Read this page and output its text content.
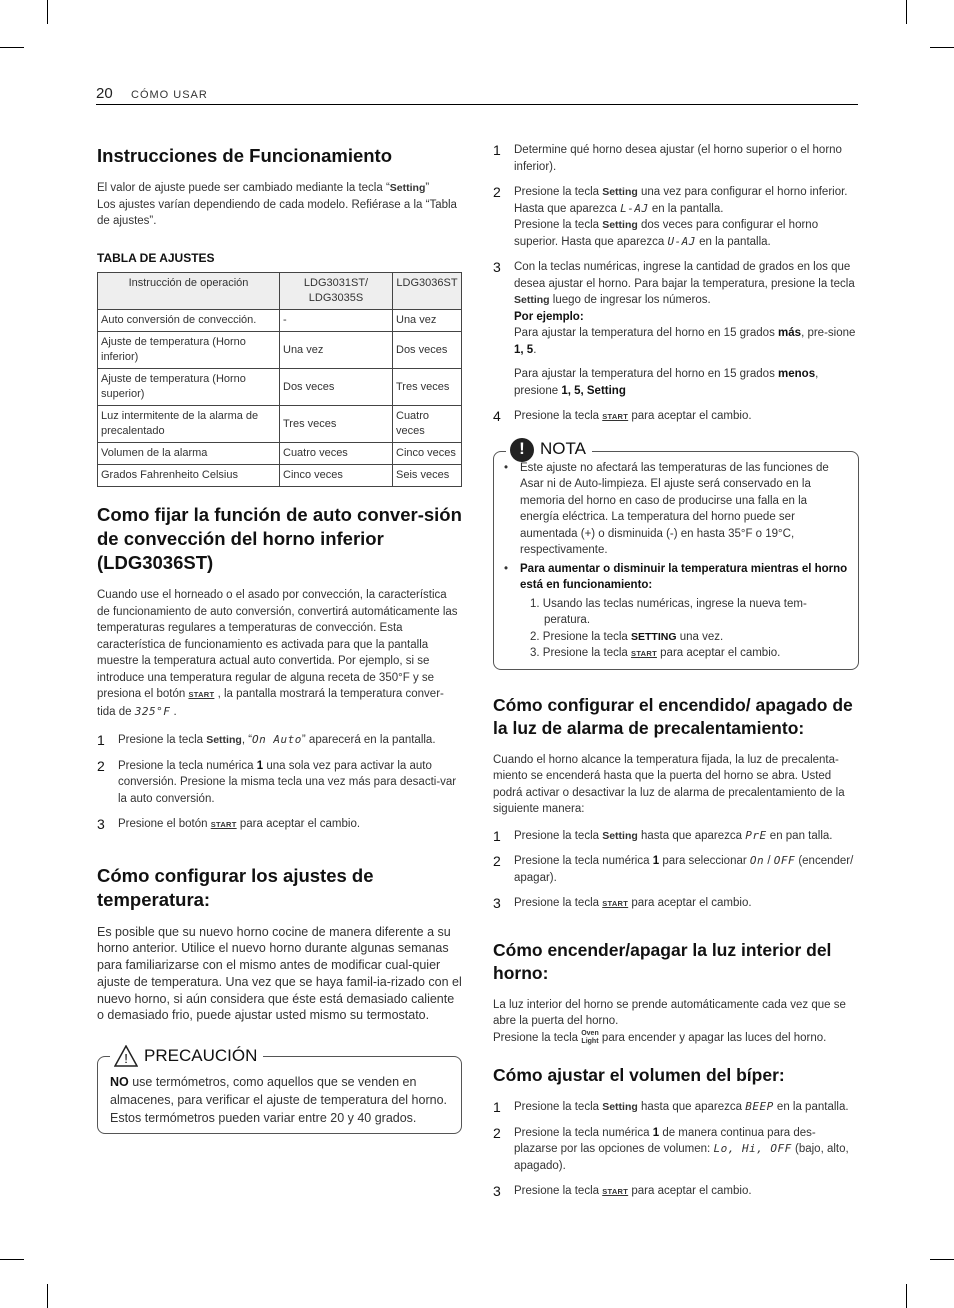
20 CÓMO USAR
Instrucciones de Funcionamiento

El valor de ajuste puede ser cambiado mediante la tecla “Setting”

Los ajustes varían dependiendo de cada modelo. Refiérase a la “Tabla de ajustes”.

TABLA DE AJUSTES
Instrucción de operación	LDG3031ST/ LDG3035S	LDG3036ST
Auto conversión de convección.	-	Una vez
Ajuste de temperatura (Horno inferior)	Una vez	Dos veces
Ajuste de temperatura (Horno superior)	Dos veces	Tres veces
Luz intermitente de la alarma de precalentado	Tres veces	Cuatro veces
Volumen de la alarma	Cuatro veces	Cinco veces
Grados Fahrenheito Celsius	Cinco veces	Seis veces
Como fijar la función de auto conver-sión de convección del horno inferior (LDG3036ST)

Cuando use el horneado o el asado por convección, la característica de funcionamiento de auto conversión, convertirá automáticamente las temperaturas regulares a temperaturas de convección. Esta característica de funcionamiento es activada para que la pantalla muestre la temperatura actual auto convertida. Por ejemplo, si se introduce una temperatura regular de alguna receta de 350°F y se presiona el botón START , la pantalla mostrará la temperatura conver-tida de 325°F .

1	Presione la tecla Setting, “On Auto” aparecerá en la pantalla.
2	Presione la tecla numérica 1 una sola vez para activar la auto conversión. Presione la misma tecla una vez más para desacti-var la auto conversión.
3	Presione el botón START para aceptar el cambio.
Cómo configurar los ajustes de temperatura:

Es posible que su nuevo horno cocine de manera diferente a su horno anterior. Utilice el nuevo horno durante algunas semanas para familiarizarse con el mismo antes de modificar cual-quier ajuste de temperatura. Una vez que se haya famil-ia-rizado con el nuevo horno, si aún considera que éste está demasiado caliente o demasiado frio, puede ajustar usted mismo su termostato.

! PRECAUCIÓN

NO use termómetros, como aquellos que se venden en almacenes, para verificar el ajuste de temperatura del horno. Estos termómetros pueden variar entre 20 y 40 grados.

1	Determine qué horno desea ajustar (el horno superior o el horno inferior).
2	Presione la tecla Setting una vez para configurar el horno inferior. Hasta que aparezca L-AJ en la pantalla.
Presione la tecla Setting dos veces para configurar el horno superior. Hasta que aparezca U-AJ en la pantalla.
3	Con la teclas numéricas, ingrese la cantidad de grados en los que desea ajustar el horno. Para bajar la temperatura, presione la tecla Setting luego de ingresar los números.
Por ejemplo:
Para ajustar la temperatura del horno en 15 grados más, pre-sione 1, 5.
Para ajustar la temperatura del horno en 15 grados menos, presione 1, 5, Setting
4	Presione la tecla START para aceptar el cambio.
! NOTA
•	Este ajuste no afectará las temperaturas de las funciones de Asar ni de Auto-limpieza. El ajuste será conservado en la memoria del horno en caso de producirse una falla en la energía eléctrica. La temperatura del horno puede ser aumentada (+) o disminuida (-) en hasta 35°F o 19°C, respectivamente.
•	Para aumentar o disminuir la temperatura mientras el horno está en funcionamiento:
1. Usando las teclas numéricas, ingrese la nueva tem-peratura.
2. Presione la tecla SETTING una vez.
3. Presione la tecla START para aceptar el cambio.
Cómo configurar el encendido/ apagado de la luz de alarma de precalentamiento:

Cuando el horno alcance la temperatura fijada, la luz de precalenta-miento se encenderá hasta que la puerta del horno se abra. Usted podrá activar o desactivar la luz de alarma de precalentamiento de la siguiente manera:

1	Presione la tecla Setting hasta que aparezca PrE en pan talla.
2	Presione la tecla numérica 1 para seleccionar On / OFF (encender/ apagar).
3	Presione la tecla START para aceptar el cambio.
Cómo encender/apagar la luz interior del horno:

La luz interior del horno se prende automáticamente cada vez que se abre la puerta del horno.

Presione la tecla Oven
Light para encender y apagar las luces del horno.

Cómo ajustar el volumen del bíper:
1	Presione la tecla Setting hasta que aparezca BEEP en la pantalla.
2	Presione la tecla numérica 1 de manera continua para des-plazarse por las opciones de volumen: Lo, Hi, OFF (bajo, alto, apagado).
3	Presione la tecla START para aceptar el cambio.
